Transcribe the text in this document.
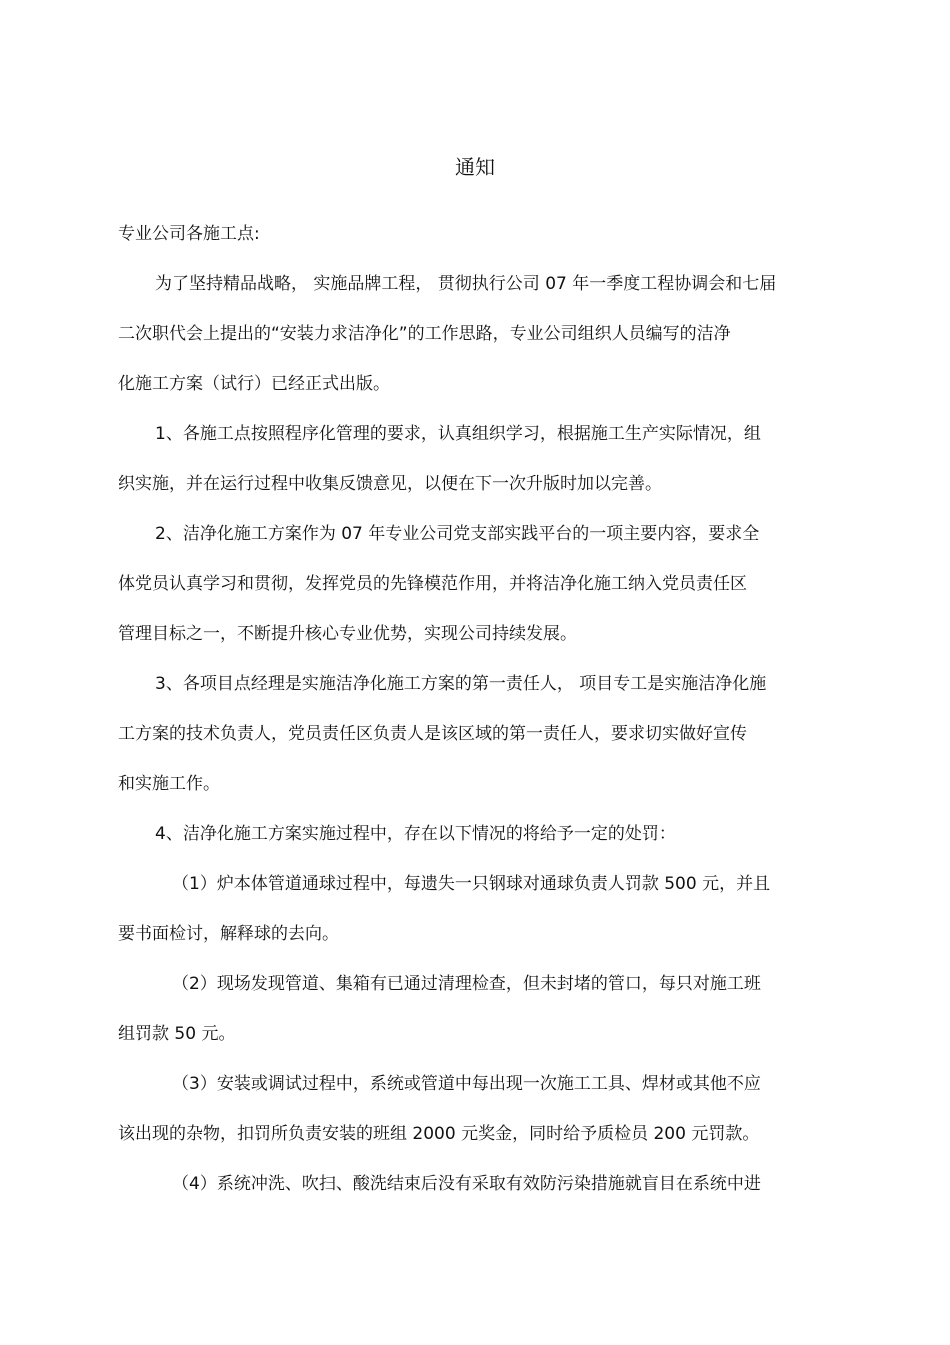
通知
专业公司各施工点:
为了坚持精品战略， 实施品牌工程， 贯彻执行公司 07 年一季度工程协调会和七届
二次职代会上提出的“安装力求洁净化”的工作思路，专业公司组织人员编写的洁净
化施工方案（试行）已经正式出版。
1、各施工点按照程序化管理的要求，认真组织学习，根据施工生产实际情况，组
织实施，并在运行过程中收集反馈意见，以便在下一次升版时加以完善。
2、洁净化施工方案作为 07 年专业公司党支部实践平台的一项主要内容，要求全
体党员认真学习和贯彻，发挥党员的先锋模范作用，并将洁净化施工纳入党员责任区
管理目标之一，不断提升核心专业优势，实现公司持续发展。
3、各项目点经理是实施洁净化施工方案的第一责任人， 项目专工是实施洁净化施
工方案的技术负责人，党员责任区负责人是该区域的第一责任人，要求切实做好宣传
和实施工作。
4、洁净化施工方案实施过程中，存在以下情况的将给予一定的处罚：
（1）炉本体管道通球过程中，每遗失一只钢球对通球负责人罚款 500 元，并且
要书面检讨，解释球的去向。
（2）现场发现管道、集箱有已通过清理检查，但未封堵的管口，每只对施工班
组罚款 50 元。
（3）安装或调试过程中，系统或管道中每出现一次施工工具、焊材或其他不应
该出现的杂物，扣罚所负责安装的班组 2000 元奖金，同时给予质检员 200 元罚款。
（4）系统冲洗、吹扫、酸洗结束后没有采取有效防污染措施就盲目在系统中进
